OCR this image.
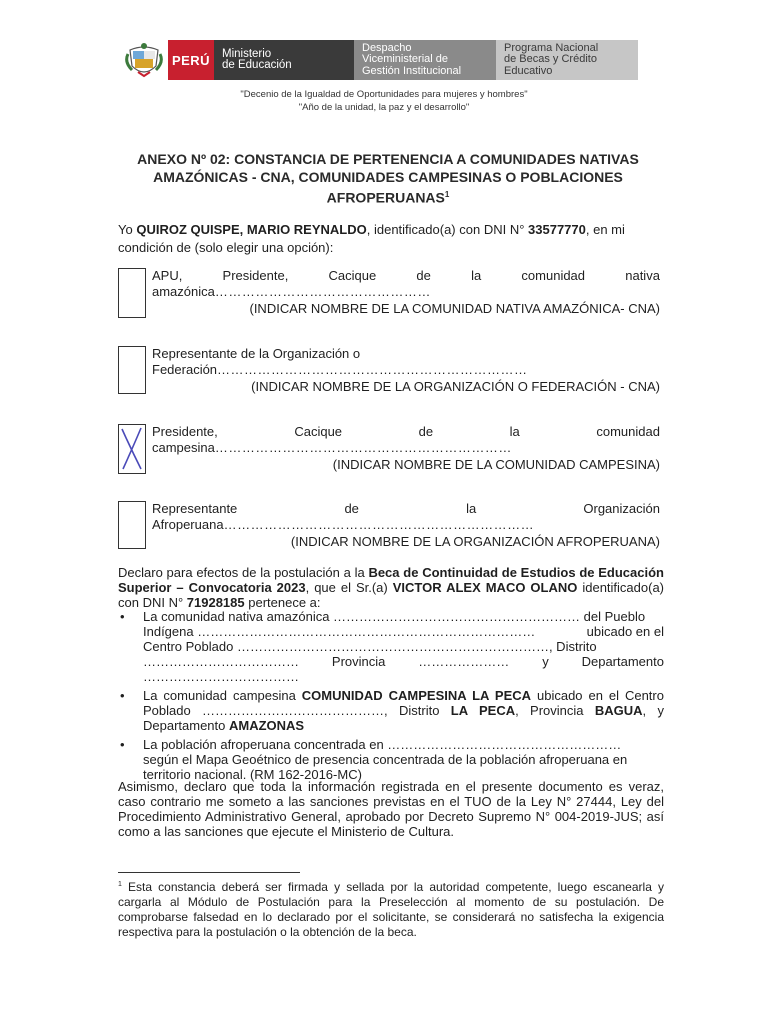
PERÚ	Ministerio
de Educación
Despacho
Viceministerial de
Gestión Institucional
Programa Nacional
de Becas y Crédito
Educativo
"Decenio de la Igualdad de Oportunidades para mujeres y hombres"
"Año de la unidad, la paz y el desarrollo"
ANEXO Nº 02: CONSTANCIA DE PERTENENCIA A COMUNIDADES NATIVAS
AMAZÓNICAS - CNA, COMUNIDADES CAMPESINAS O POBLACIONES
AFROPERUANAS$^1$
Yo QUIROZ QUISPE, MARIO REYNALDO, identificado(a) con DNI N° 33577770, en mi
condición de (solo elegir una opción):
APU,	Presidente,	Cacique	de	la	comunidad	nativa
amazónica…………………………………………
(INDICAR NOMBRE DE LA COMUNIDAD NATIVA AMAZÓNICA- CNA)
Representante de la Organización o
Federación……………………………………………………………
(INDICAR NOMBRE DE LA ORGANIZACIÓN O FEDERACIÓN - CNA)
Presidente,	Cacique	de	la	comunidad
campesina…………………………………………………………
(INDICAR NOMBRE DE LA COMUNIDAD CAMPESINA)
Representante	de	la	Organización
Afroperuana……………………………………………………………
(INDICAR NOMBRE DE LA ORGANIZACIÓN AFROPERUANA)
Declaro para efectos de la postulación a la Beca de Continuidad de Estudios de Educación Superior – Convocatoria 2023, que el Sr.(a) VICTOR ALEX MACO OLANO identificado(a) con DNI N° 71928185 pertenece a:
• La comunidad nativa amazónica ………………………………………………… del Pueblo
Indígena ……………………………………………………………………	ubicado en el
Centro Poblado ………………………………………………………………, Distrito
………………………………	Provincia	…………………	y	Departamento
………………………………
• La comunidad campesina COMUNIDAD CAMPESINA LA PECA ubicado en el Centro Poblado ……………………………………, Distrito LA PECA, Provincia BAGUA, y Departamento AMAZONAS
• La población afroperuana concentrada en ………………………………………………
según el Mapa Geoétnico de presencia concentrada de la población afroperuana en territorio nacional. (RM 162-2016-MC)
Asimismo, declaro que toda la información registrada en el presente documento es veraz, caso contrario me someto a las sanciones previstas en el TUO de la Ley N° 27444, Ley del Procedimiento Administrativo General, aprobado por Decreto Supremo N° 004-2019-JUS; así como a las sanciones que ejecute el Ministerio de Cultura.
$^1$ Esta constancia deberá ser firmada y sellada por la autoridad competente, luego escanearla y cargarla al Módulo de Postulación para la Preselección al momento de su postulación. De comprobarse falsedad en lo declarado por el solicitante, se considerará no satisfecha la exigencia respectiva para la postulación o la obtención de la beca.
